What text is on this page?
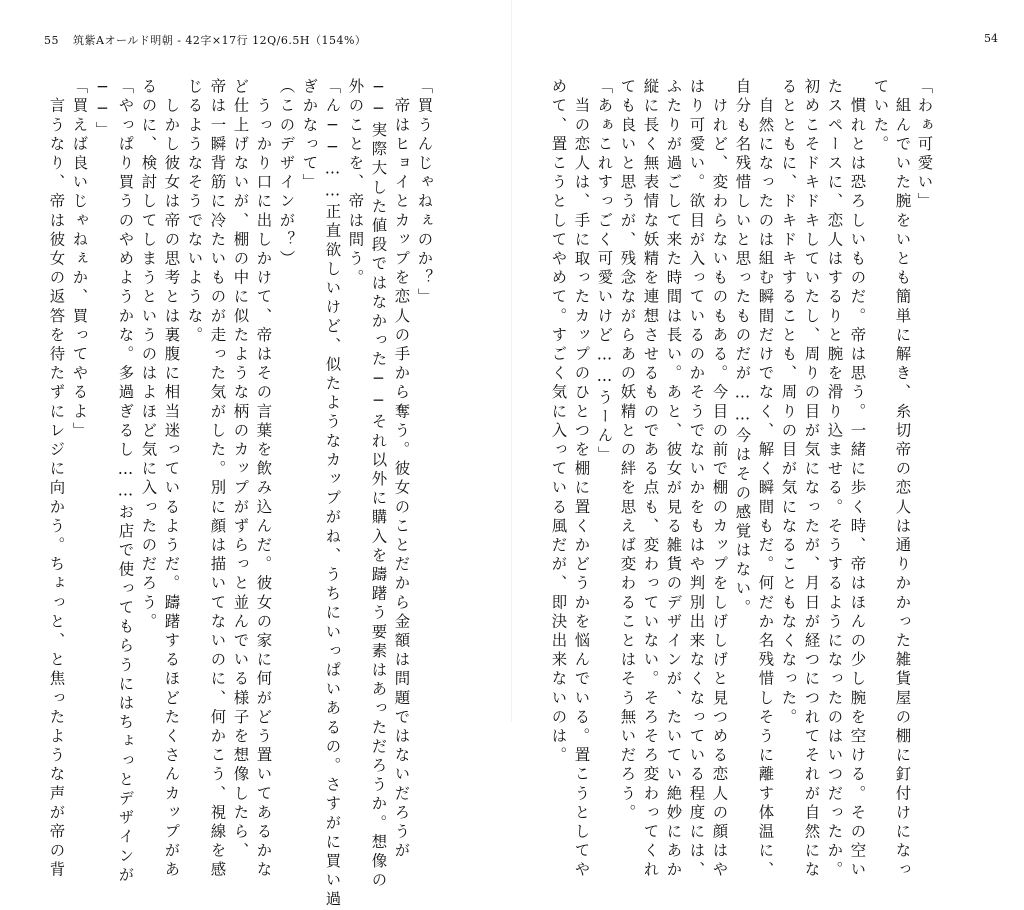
55 筑紫Aオールド明朝 - 42字×17行 12Q/6.5H（154%）	54
「わぁ可愛い」
　組んでいた腕をいとも簡単に解き、糸切帝の恋人は通りかかった雑貨屋の棚に釘付けになっ
ていた。
　慣れとは恐ろしいものだ。帝は思う。一緒に歩く時、帝はほんの少し腕を空ける。その空い
たスペースに、恋人はするりと腕を滑り込ませる。そうするようになったのはいつだったか。
初めこそドキドキしていたし、周りの目が気になったが、月日が経つにつれてそれが自然にな
るとともに、ドキドキすることも、周りの目が気になることもなくなった。
　自然になったのは組む瞬間だけでなく、解く瞬間もだ。何だか名残惜しそうに離す体温に、
自分も名残惜しいと思ったものだが……今はその感覚はない。
　けれど、変わらないものもある。今目の前で棚のカップをしげしげと見つめる恋人の顔はや
はり可愛い。欲目が入っているのかそうでないかをもはや判別出来なくなっている程度には、
ふたりが過ごして来た時間は長い。あと、彼女が見る雑貨のデザインが、たいてい絶妙にあか
縦に長く無表情な妖精を連想させるものである点も、変わっていない。そろそろ変わってくれ
ても良いと思うが、残念ながらあの妖精との絆を思えば変わることはそう無いだろう。
「あぁこれすっごく可愛いけど……うーん」
　当の恋人は、手に取ったカップのひとつを棚に置くかどうかを悩んでいる。置こうとしてや
めて、置こうとしてやめて。すごく気に入っている風だが、即決出来ないのは。
「買うんじゃねぇのか？」
　帝はヒョイとカップを恋人の手から奪う。彼女のことだから金額は問題ではないだろうが
──実際大した値段ではなかった──それ以外に購入を躊躇う要素はあっただろうか。想像の
外のことを、帝は問う。
「ん──……正直欲しいけど、似たようなカップがね、うちにいっぱいあるの。さすがに買い過
ぎかなって」
（このデザインが？）
　うっかり口に出しかけて、帝はその言葉を飲み込んだ。彼女の家に何がどう置いてあるかな
ど仕上げないが、棚の中に似たような柄のカップがずらっと並んでいる様子を想像したら、
帝は一瞬背筋に冷たいものが走った気がした。別に顔は描いてないのに、何かこう、視線を感
じるようなそうでないような。
　しかし彼女は帝の思考とは裏腹に相当迷っているようだ。躊躇するほどたくさんカップがあ
るのに、検討してしまうというのはよほど気に入ったのだろう。
「やっぱり買うのやめようかな。多過ぎるし……お店で使ってもらうにはちょっとデザインが
──」
「買えば良いじゃねぇか、買ってやるよ」
　言うなり、帝は彼女の返答を待たずにレジに向かう。ちょっと、と焦ったような声が帝の背
